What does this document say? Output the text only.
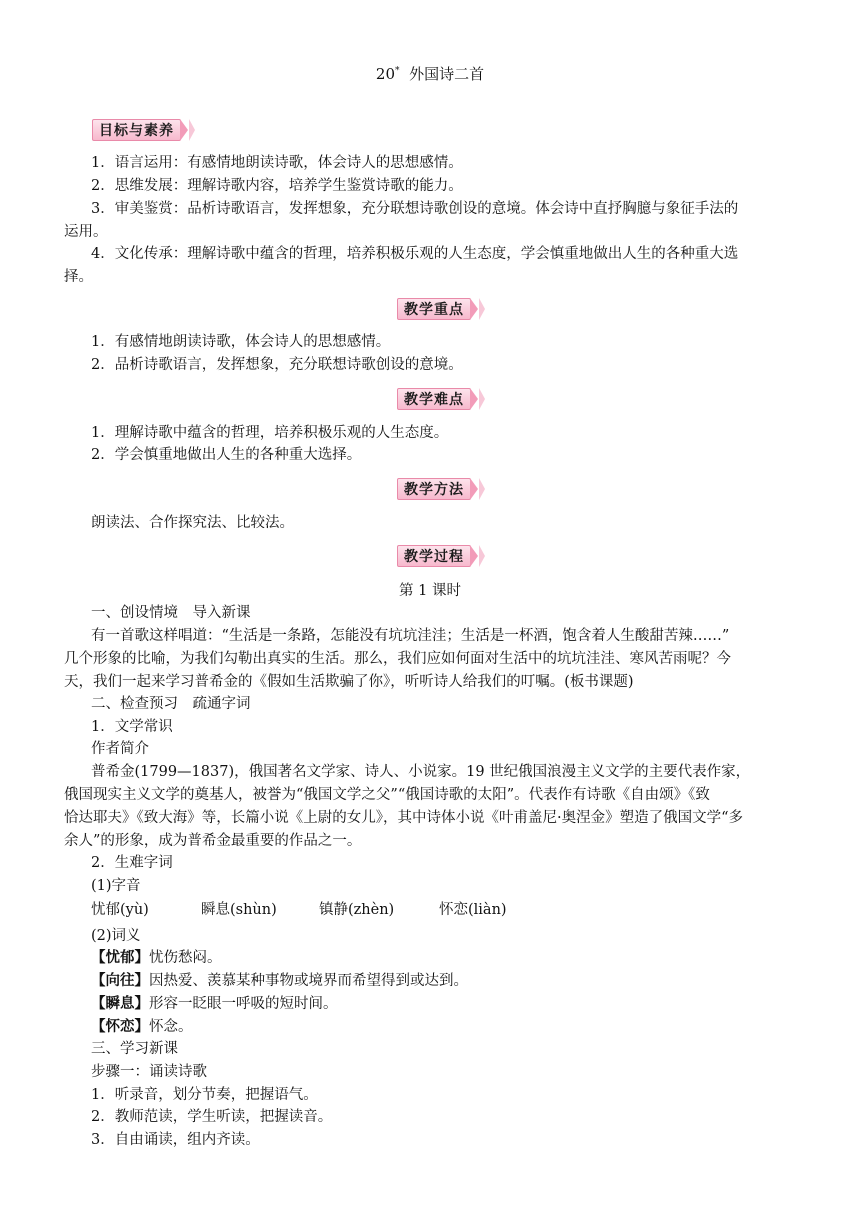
20* 外国诗二首
目标与素养
1．语言运用：有感情地朗读诗歌，体会诗人的思想感情。
2．思维发展：理解诗歌内容，培养学生鉴赏诗歌的能力。
3．审美鉴赏：品析诗歌语言，发挥想象，充分联想诗歌创设的意境。体会诗中直抒胸臆与象征手法的
运用。
4．文化传承：理解诗歌中蕴含的哲理，培养积极乐观的人生态度，学会慎重地做出人生的各种重大选
择。
教学重点
1．有感情地朗读诗歌，体会诗人的思想感情。
2．品析诗歌语言，发挥想象，充分联想诗歌创设的意境。
教学难点
1．理解诗歌中蕴含的哲理，培养积极乐观的人生态度。
2．学会慎重地做出人生的各种重大选择。
教学方法
朗读法、合作探究法、比较法。
教学过程
第 1 课时
一、创设情境　导入新课
有一首歌这样唱道：“生活是一条路，怎能没有坑坑洼洼；生活是一杯酒，饱含着人生酸甜苦辣……”
几个形象的比喻，为我们勾勒出真实的生活。那么，我们应如何面对生活中的坑坑洼洼、寒风苦雨呢？今
天，我们一起来学习普希金的《假如生活欺骗了你》，听听诗人给我们的叮嘱。(板书课题)
二、检查预习　疏通字词
1．文学常识
作者简介
普希金(1799—1837)，俄国著名文学家、诗人、小说家。19 世纪俄国浪漫主义文学的主要代表作家，
俄国现实主义文学的奠基人，被誉为“俄国文学之父”“俄国诗歌的太阳”。代表作有诗歌《自由颂》《致
恰达耶夫》《致大海》等，长篇小说《上尉的女儿》，其中诗体小说《叶甫盖尼·奥涅金》塑造了俄国文学“多
余人”的形象，成为普希金最重要的作品之一。
2．生难字词
(1)字音
忧郁(yù)	瞬息(shùn)	镇静(zhèn)	怀恋(liàn)
(2)词义
【忧郁】忧伤愁闷。
【向往】因热爱、羡慕某种事物或境界而希望得到或达到。
【瞬息】形容一眨眼一呼吸的短时间。
【怀恋】怀念。
三、学习新课
步骤一：诵读诗歌
1．听录音，划分节奏，把握语气。
2．教师范读，学生听读，把握读音。
3．自由诵读，组内齐读。
